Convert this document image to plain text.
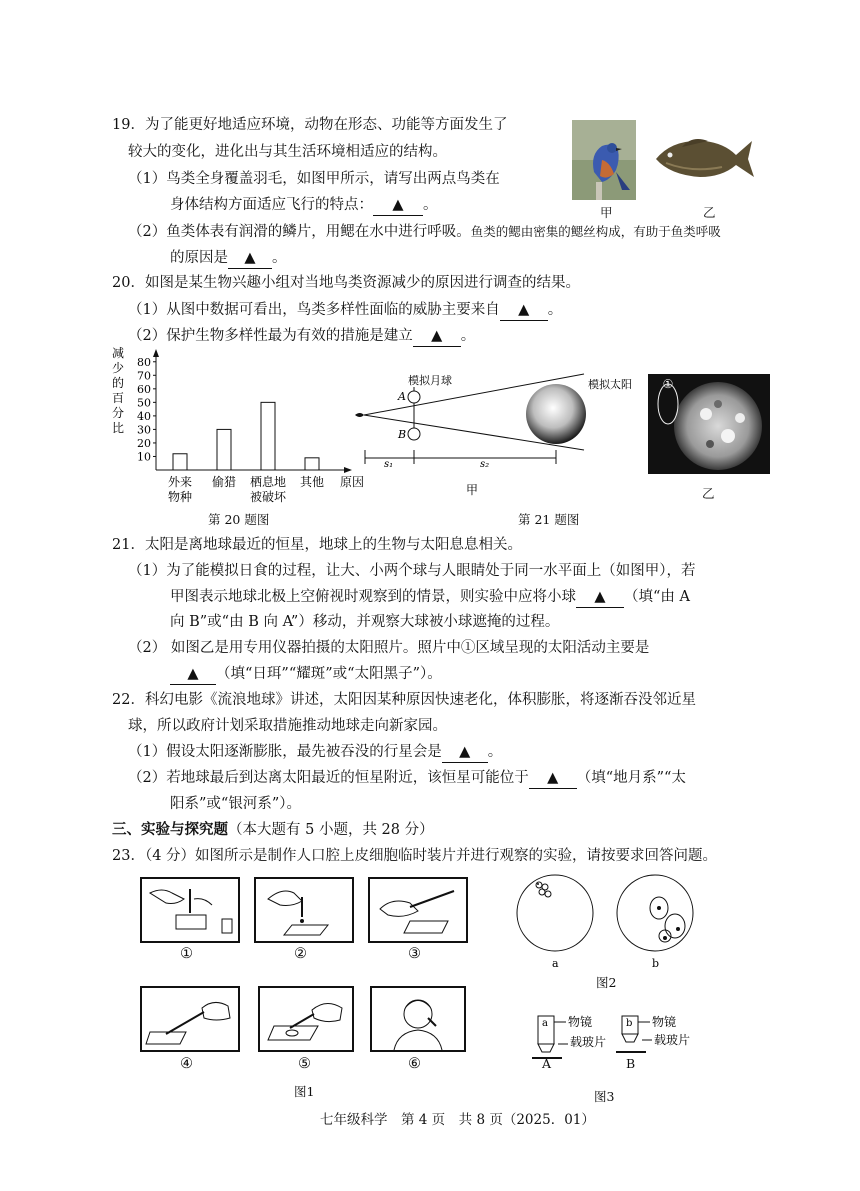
19．为了能更好地适应环境，动物在形态、功能等方面发生了
较大的变化，进化出与其生活环境相适应的结构。
（1）鸟类全身覆盖羽毛，如图甲所示，请写出两点鸟类在
身体结构方面适应飞行的特点： ▲ 。
（2）鱼类体表有润滑的鳞片，用鳃在水中进行呼吸。鱼类的鳃由密集的鳃丝构成，有助于鱼类呼吸
的原因是 ▲ 。
甲	乙
20．如图是某生物兴趣小组对当地鸟类资源减少的原因进行调查的结果。
（1）从图中数据可看出，鸟类多样性面临的威胁主要来自 ▲ 。
（2）保护生物多样性最为有效的措施是建立 ▲ 。
减少的百分比
10
20
30
40
50
60
70
80
外来物种
偷猎 栖息地被破坏
其他 原因
第 20 题图
A
B
模拟月球	模拟太阳
s₁	s₂
甲
①
乙
第 21 题图
21．太阳是离地球最近的恒星，地球上的生物与太阳息息相关。
（1）为了能模拟日食的过程，让大、小两个球与人眼睛处于同一水平面上（如图甲），若
甲图表示地球北极上空俯视时观察到的情景，则实验中应将小球 ▲ （填“由 A
向 B”或“由 B 向 A”）移动，并观察大球被小球遮掩的过程。
（2） 如图乙是用专用仪器拍摄的太阳照片。照片中①区域呈现的太阳活动主要是
▲ （填“日珥”“耀斑”或“太阳黑子”）。
22．科幻电影《流浪地球》讲述，太阳因某种原因快速老化，体积膨胀，将逐渐吞没邻近星
球，所以政府计划采取措施推动地球走向新家园。
（1）假设太阳逐渐膨胀，最先被吞没的行星会是 ▲ 。
（2）若地球最后到达离太阳最近的恒星附近，该恒星可能位于 ▲ （填“地月系”“太
阳系”或“银河系”）。
三、实验与探究题（本大题有 5 小题，共 28 分）
23．（4 分）如图所示是制作人口腔上皮细胞临时装片并进行观察的实验，请按要求回答问题。
①	②	③
④	⑤	⑥
图1
a	b
图2
a 物镜
载玻片
b 物镜
载玻片
A	B
图3
七年级科学　第 4 页　共 8 页（2025．01）
